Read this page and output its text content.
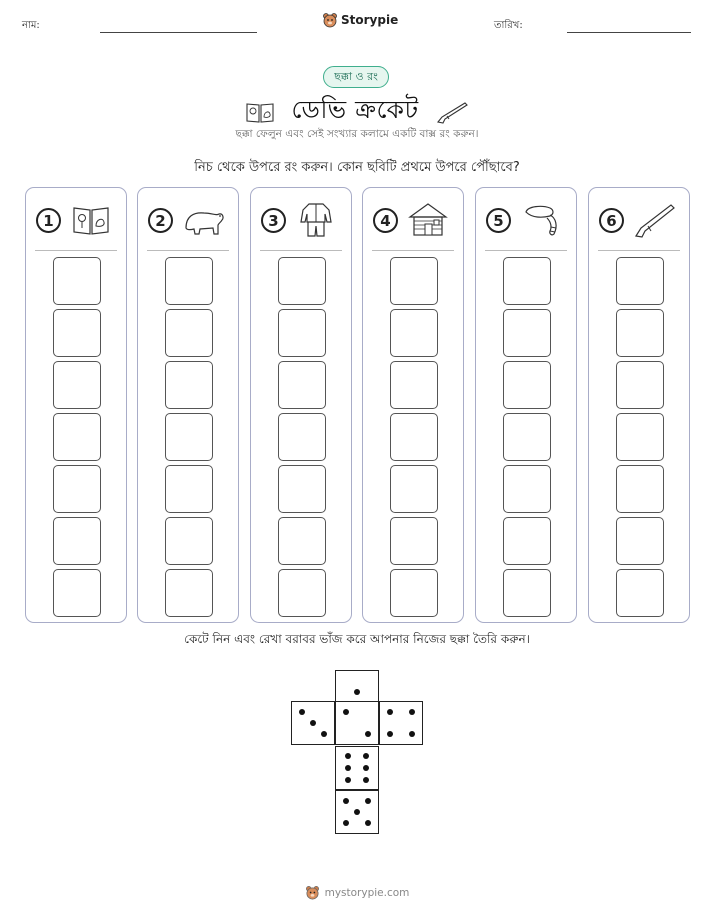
নাম:	Storypie	তারিখ:
ছক্কা ও রং
ডেভি ক্রকেট
ছক্কা ফেলুন এবং সেই সংখ্যার কলামে একটি বাক্স রং করুন।
নিচ থেকে উপরে রং করুন। কোন ছবিটি প্রথমে উপরে পৌঁছাবে?
1	2	3	4	5	6
কেটে নিন এবং রেখা বরাবর ভাঁজ করে আপনার নিজের ছক্কা তৈরি করুন।
mystorypie.com
